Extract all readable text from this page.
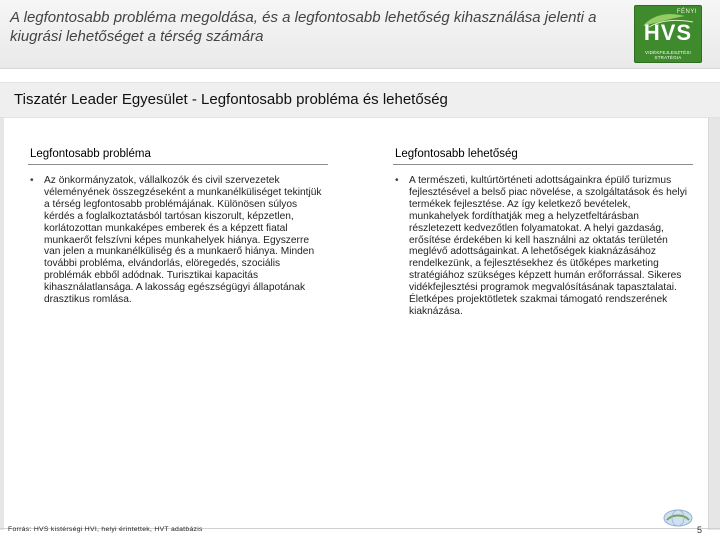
A legfontosabb probléma megoldása, és a legfontosabb lehetőség kihasználása jelenti a kiugrási lehetőséget a térség számára
FÉNYI
HVS
VIDÉKFEJLESZTÉSI STRATÉGIA
Tiszatér Leader Egyesület - Legfontosabb probléma és lehetőség
Legfontosabb probléma
•	Az önkormányzatok, vállalkozók és civil szervezetek véleményének összegzéseként a munkanélküliséget tekintjük a térség legfontosabb problémájának. Különösen súlyos kérdés a foglalkoztatásból tartósan kiszorult, képzetlen, korlátozottan munkaképes emberek és a képzett fiatal munkaerőt felszívni képes munkahelyek hiánya. Egyszerre van jelen a munkanélküliség és a munkaerő hiánya. Minden további probléma, elvándorlás, elöregedés, szociális problémák ebből adódnak. Turisztikai kapacitás kihasználatlansága. A lakosság egészségügyi állapotának drasztikus romlása.
Legfontosabb lehetőség
•	A természeti, kultúrtörténeti adottságainkra épülő turizmus fejlesztésével a belső piac növelése, a szolgáltatások és helyi termékek fejlesztése. Az így keletkező bevételek, munkahelyek fordíthatják meg a helyzetfeltárásban részletezett kedvezőtlen folyamatokat. A helyi gazdaság, erősítése érdekében ki kell használni az oktatás területén meglévő adottságainkat. A lehetőségek kiaknázásához rendelkezünk, a fejlesztésekhez és ütőképes marketing stratégiához szükséges képzett humán erőforrással. Sikeres vidékfejlesztési programok megvalósításának tapasztalatai. Életképes projektötletek szakmai támogató rendszerének kiaknázása.
Forrás: HVS kistérségi HVI, helyi érintettek, HVT adatbázis	5
